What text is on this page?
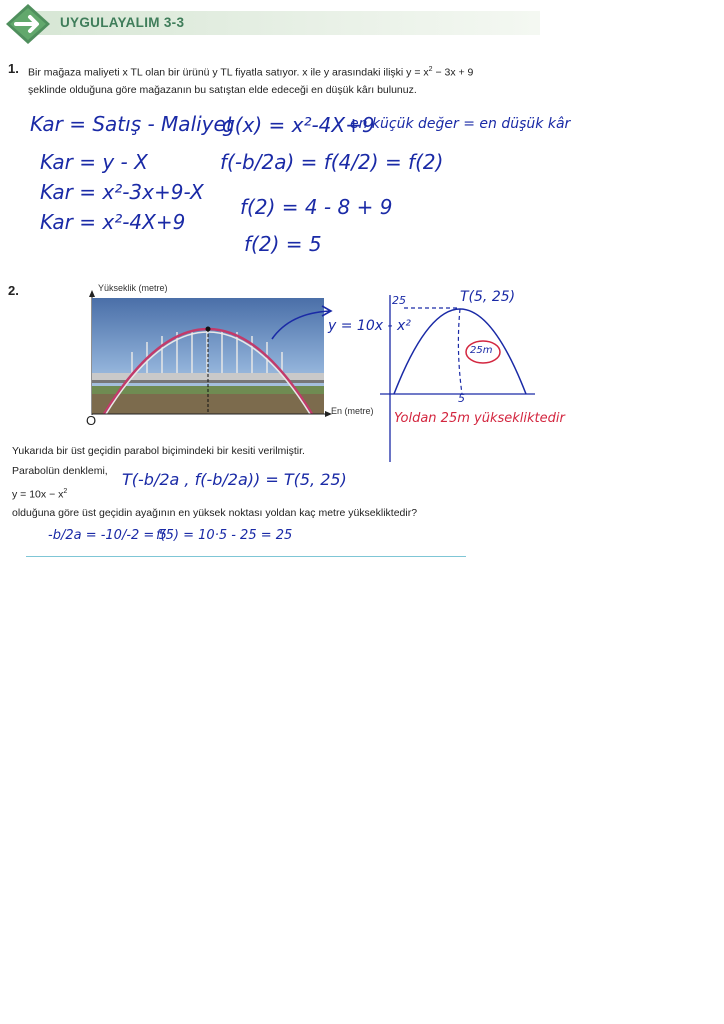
UYGULAYALIM 3-3
1. Bir mağaza maliyeti x TL olan bir ürünü y TL fiyatla satıyor. x ile y arasındaki ilişki $y = x^2 - 3x + 9$
şeklinde olduğuna göre mağazanın bu satıştan elde edeceği en düşük kârı bulunuz.
Kar = Satış - Maliyet
Kar = y - X
Kar = x²-3x+9-X
Kar = x²-4X+9
g(x) = x²-4X+9
en küçük değer = en düşük kâr
f(-b/2a) = f(4/2) = f(2)
f(2) = 4 - 8 + 9
f(2) = 5
2.	Yükseklik (metre)
O
En (metre)
y = 10x - x²
25	T(5, 25)
5
25m
Yoldan 25m yüksekliktedir
Yukarıda bir üst geçidin parabol biçimindeki bir kesiti verilmiştir.
Parabolün denklemi,
$y = 10x - x^2$
T(-b/2a , f(-b/2a)) = T(5, 25)
olduğuna göre üst geçidin ayağının en yüksek noktası yoldan kaç metre yüksekliktedir?
-b/2a = -10/-2 = 5
f(5) = 10·5 - 25 = 25
